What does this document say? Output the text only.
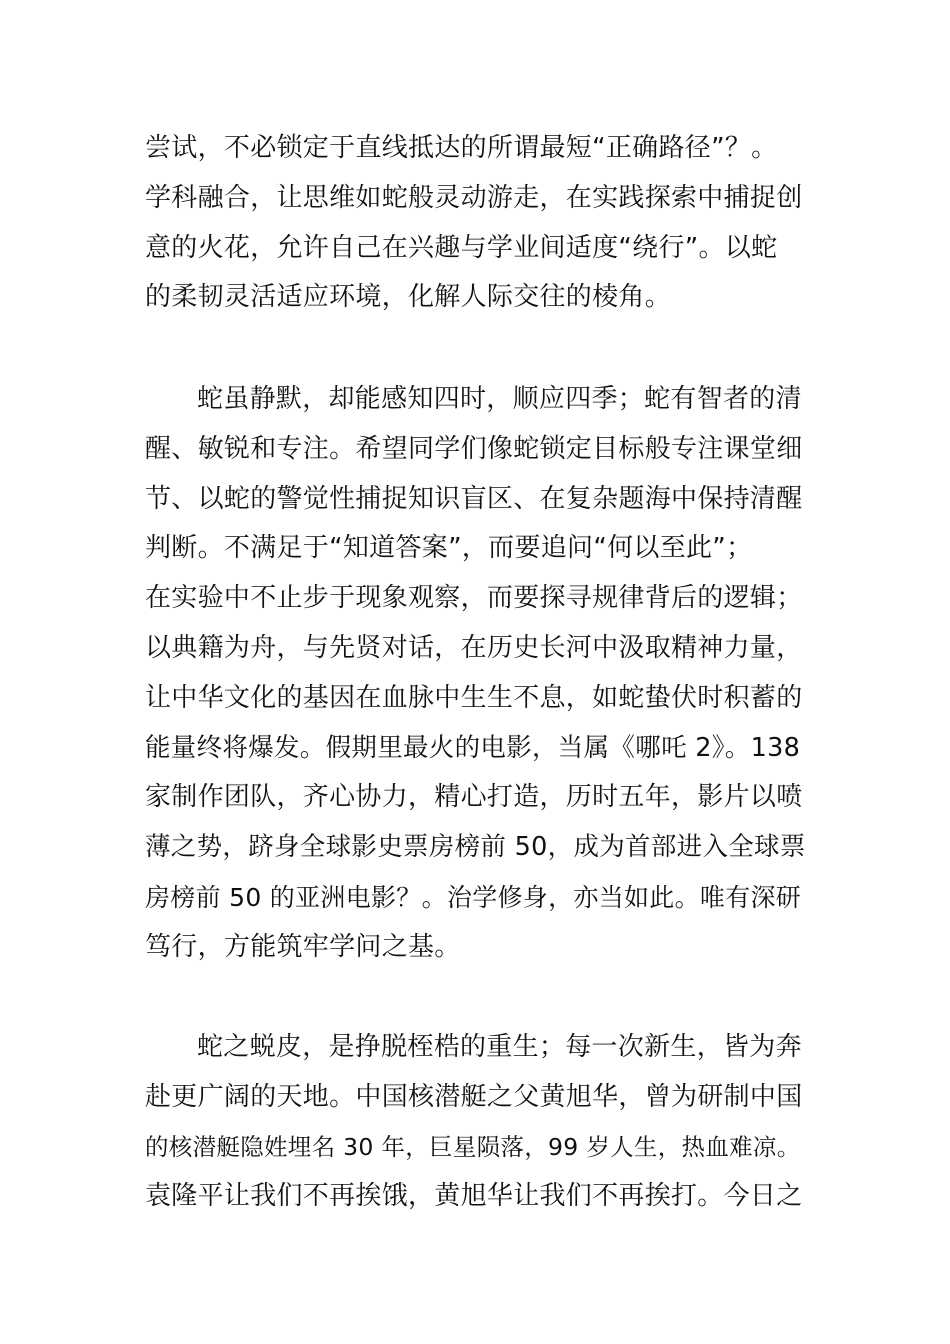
尝试，不必锁定于直线抵达的所谓最短“正确路径”？。
学科融合，让思维如蛇般灵动游走，在实践探索中捕捉创
意的火花，允许自己在兴趣与学业间适度“绕行”。以蛇
的柔韧灵活适应环境，化解人际交往的棱角。
蛇虽静默，却能感知四时，顺应四季；蛇有智者的清
醒、敏锐和专注。希望同学们像蛇锁定目标般专注课堂细
节、以蛇的警觉性捕捉知识盲区、在复杂题海中保持清醒
判断。不满足于“知道答案”，而要追问“何以至此”；
在实验中不止步于现象观察，而要探寻规律背后的逻辑；
以典籍为舟，与先贤对话，在历史长河中汲取精神力量，
让中华文化的基因在血脉中生生不息，如蛇蛰伏时积蓄的
能量终将爆发。假期里最火的电影，当属《哪吒 2》。138
家制作团队，齐心协力，精心打造，历时五年，影片以喷
薄之势，跻身全球影史票房榜前 50，成为首部进入全球票
房榜前 50 的亚洲电影？。治学修身，亦当如此。唯有深研
笃行，方能筑牢学问之基。
蛇之蜕皮，是挣脱桎梏的重生；每一次新生，皆为奔
赴更广阔的天地。中国核潜艇之父黄旭华，曾为研制中国
的核潜艇隐姓埋名 30 年，巨星陨落，99 岁人生，热血难凉。
袁隆平让我们不再挨饿，黄旭华让我们不再挨打。今日之
